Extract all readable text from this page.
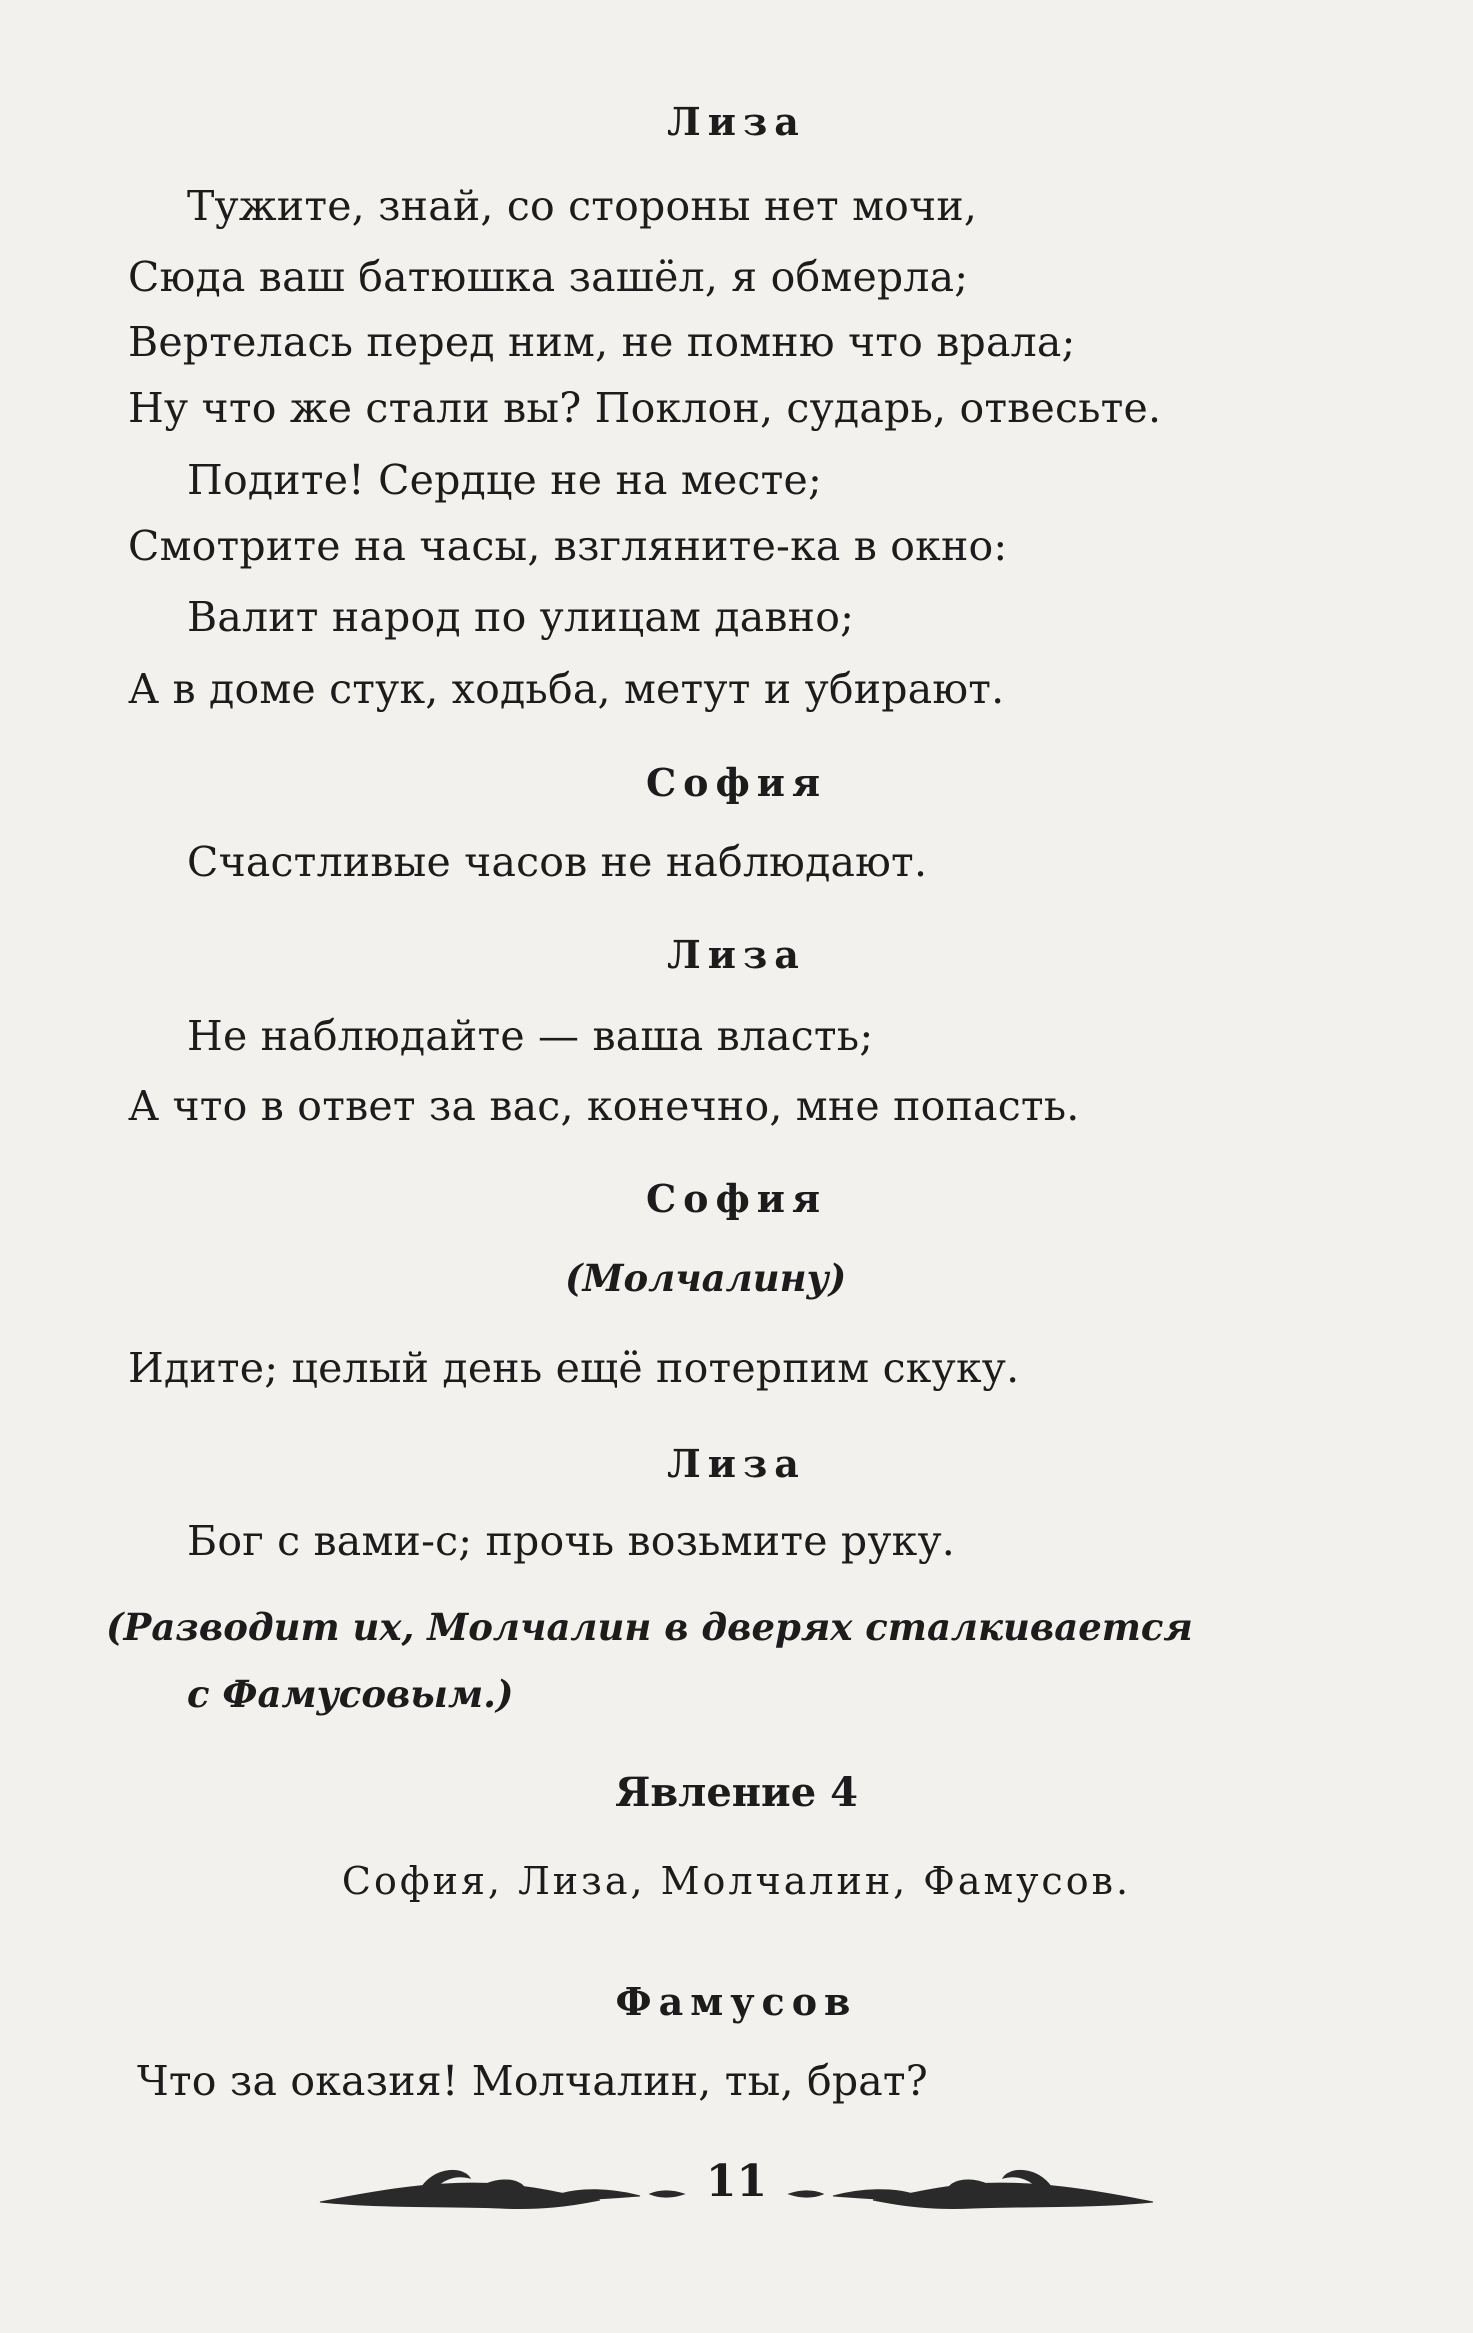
Лиза
Тужите, знай, со стороны нет мочи,
Сюда ваш батюшка зашёл, я обмерла;
Вертелась перед ним, не помню что врала;
Ну что же стали вы? Поклон, сударь, отвесьте.
Подите! Сердце не на месте;
Смотрите на часы, взгляните-ка в окно:
Валит народ по улицам давно;
А в доме стук, ходьба, метут и убирают.
София
Счастливые часов не наблюдают.
Лиза
Не наблюдайте — ваша власть;
А что в ответ за вас, конечно, мне попасть.
София
(Молчалину)
Идите; целый день ещё потерпим скуку.
Лиза
Бог с вами-с; прочь возьмите руку.
(Разводит их, Молчалин в дверях сталкивается
с Фамусовым.)
Явление 4
София, Лиза, Молчалин, Фамусов.
Фамусов
Что за оказия! Молчалин, ты, брат?
11
